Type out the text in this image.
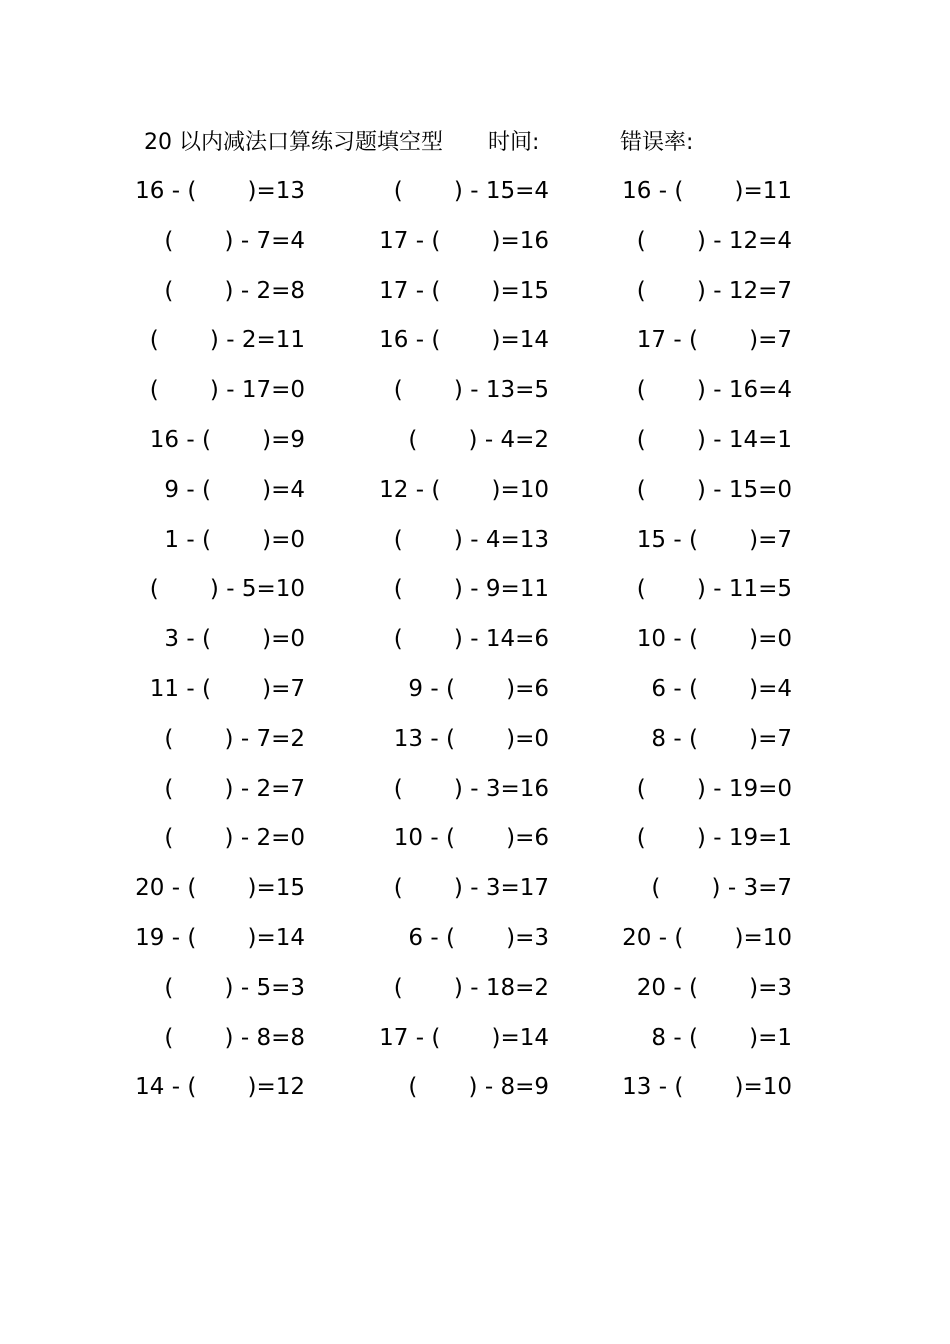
20 以内减法口算练习题填空型 时间:	错误率:
16 - (       )=13	(       ) - 15=4	16 - (       )=11
(       ) - 7=4	17 - (       )=16	(       ) - 12=4
(       ) - 2=8	17 - (       )=15	(       ) - 12=7
(       ) - 2=11	16 - (       )=14	17 - (       )=7
(       ) - 17=0	(       ) - 13=5	(       ) - 16=4
16 - (       )=9	(       ) - 4=2	(       ) - 14=1
9 - (       )=4	12 - (       )=10	(       ) - 15=0
1 - (       )=0	(       ) - 4=13	15 - (       )=7
(       ) - 5=10	(       ) - 9=11	(       ) - 11=5
3 - (       )=0	(       ) - 14=6	10 - (       )=0
11 - (       )=7	9 - (       )=6	6 - (       )=4
(       ) - 7=2	13 - (       )=0	8 - (       )=7
(       ) - 2=7	(       ) - 3=16	(       ) - 19=0
(       ) - 2=0	10 - (       )=6	(       ) - 19=1
20 - (       )=15	(       ) - 3=17	(       ) - 3=7
19 - (       )=14	6 - (       )=3	20 - (       )=10
(       ) - 5=3	(       ) - 18=2	20 - (       )=3
(       ) - 8=8	17 - (       )=14	8 - (       )=1
14 - (       )=12	(       ) - 8=9	13 - (       )=10
